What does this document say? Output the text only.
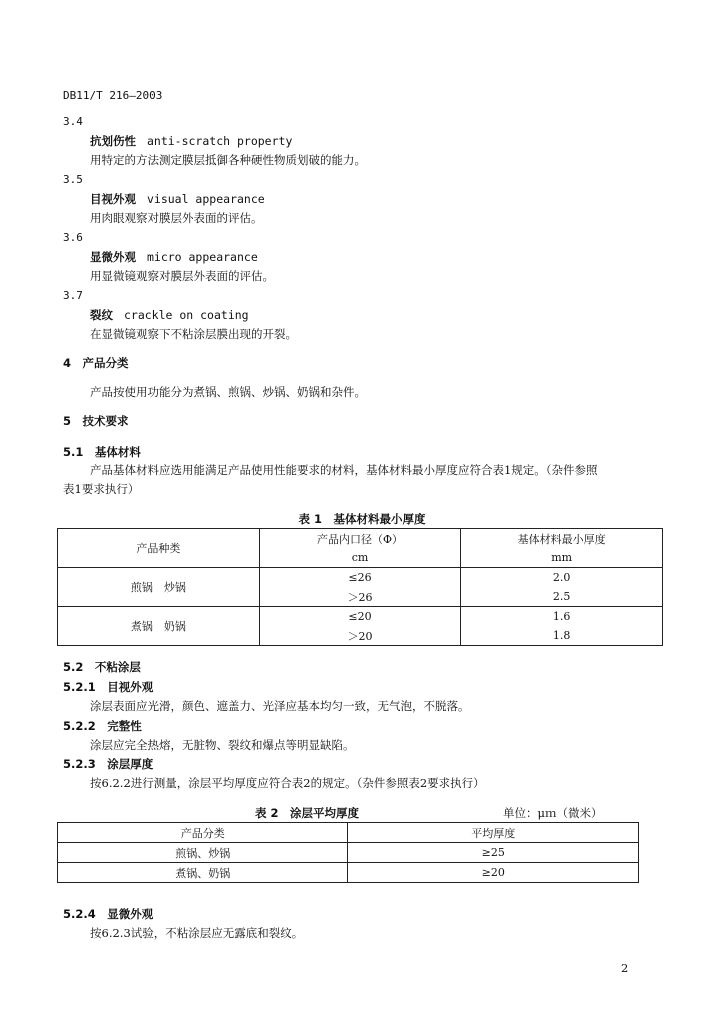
DB11/T 216—2003
3.4
抗划伤性 anti-scratch property
用特定的方法测定膜层抵御各种硬性物质划破的能力。
3.5
目视外观 visual appearance
用肉眼观察对膜层外表面的评估。
3.6
显微外观 micro appearance
用显微镜观察对膜层外表面的评估。
3.7
裂纹 crackle on coating
在显微镜观察下不粘涂层膜出现的开裂。
4　产品分类
产品按使用功能分为煮锅、煎锅、炒锅、奶锅和杂件。
5　技术要求
5.1　基体材料
产品基体材料应选用能满足产品使用性能要求的材料，基体材料最小厚度应符合表1规定。（杂件参照
表1要求执行）
表 1　基体材料最小厚度
产品种类	产品内口径（Φ）	基体材料最小厚度
	cm	mm
煎锅　炒锅	≤26	2.0
	＞26	2.5
煮锅　奶锅	≤20	1.6
	＞20	1.8
5.2　不粘涂层
5.2.1　目视外观
涂层表面应光滑，颜色、遮盖力、光泽应基本均匀一致，无气泡，不脱落。
5.2.2　完整性
涂层应完全热熔，无脏物、裂纹和爆点等明显缺陷。
5.2.3　涂层厚度
按6.2.2进行测量，涂层平均厚度应符合表2的规定。（杂件参照表2要求执行）
表 2　涂层平均厚度	单位：μｍ（微米）
产品分类	平均厚度
煎锅、炒锅	≥25
煮锅、奶锅	≥20
5.2.4　显微外观
按6.2.3试验，不粘涂层应无露底和裂纹。
2
